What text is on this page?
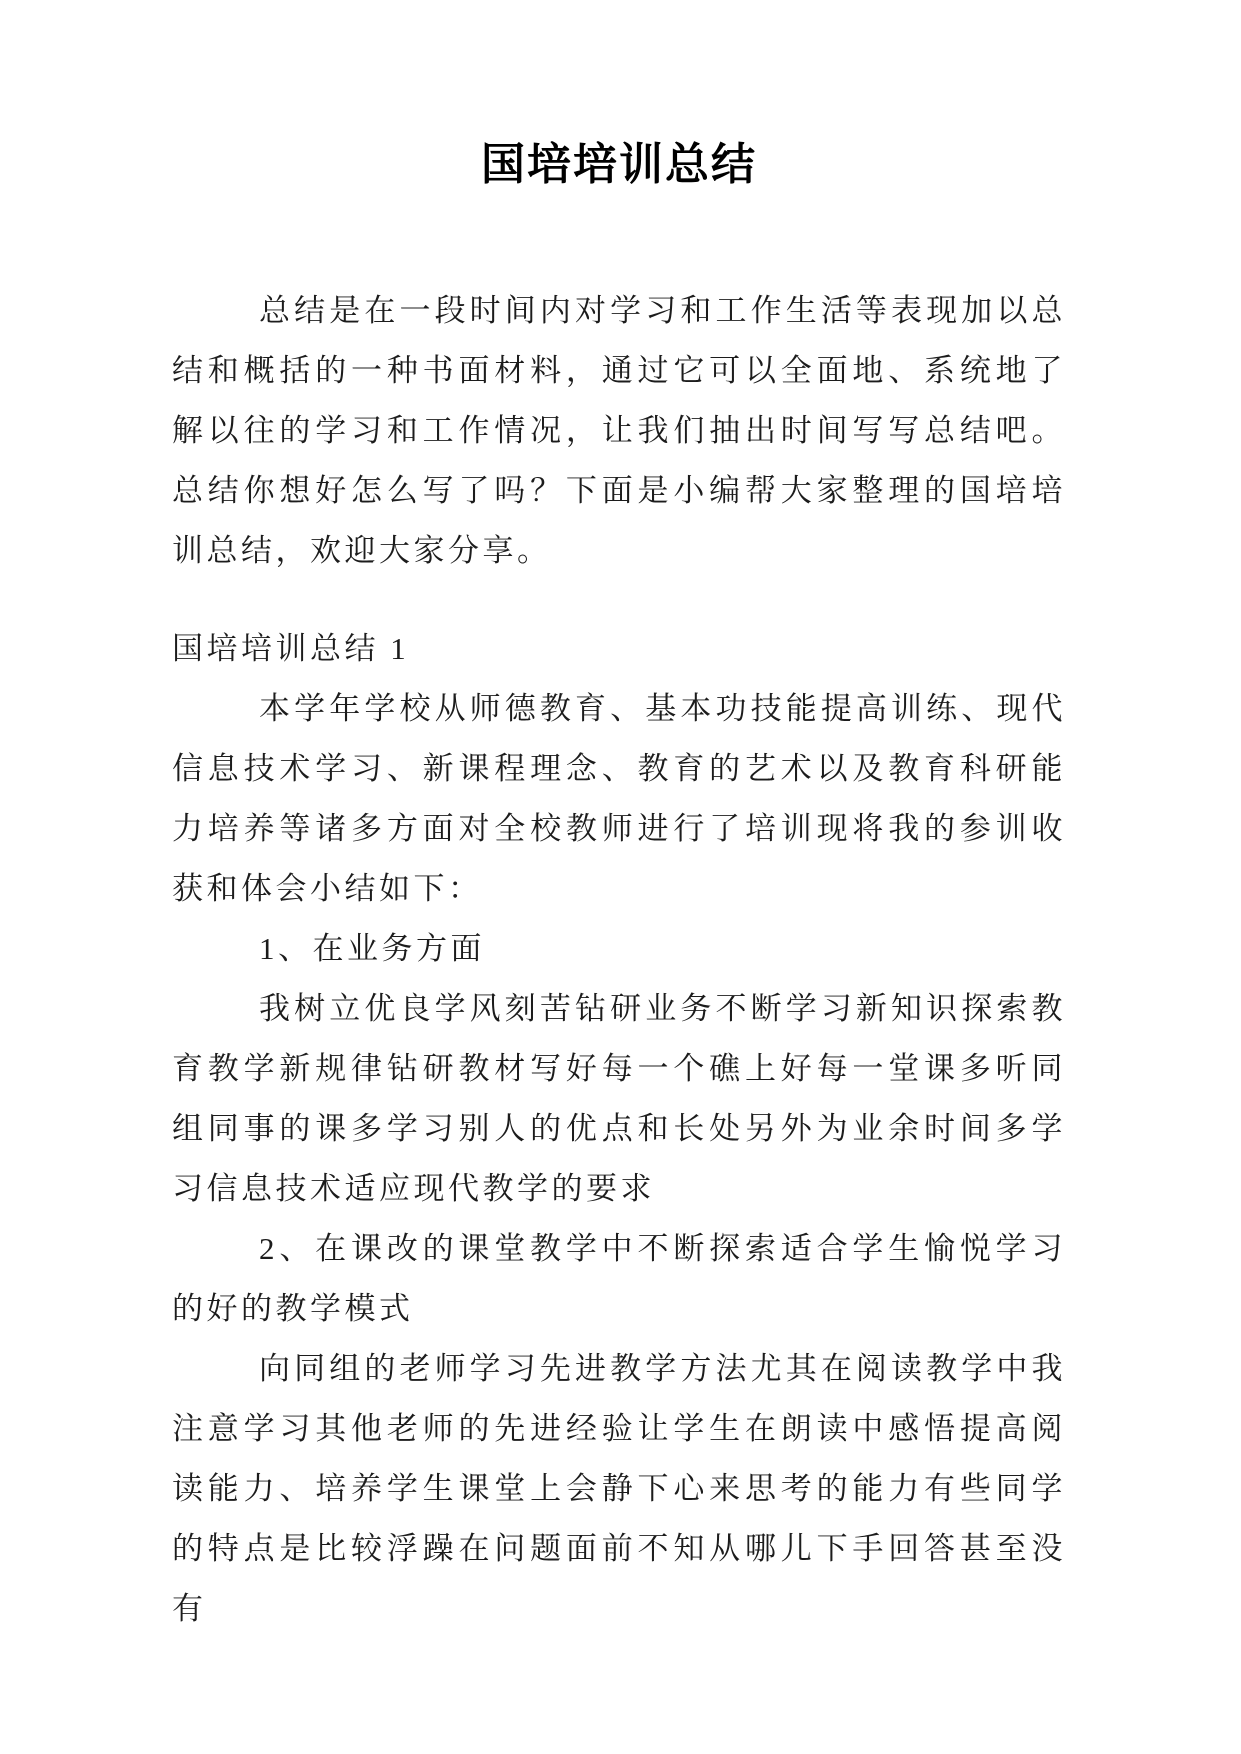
国培培训总结

总结是在一段时间内对学习和工作生活等表现加以总结和概括的一种书面材料，通过它可以全面地、系统地了解以往的学习和工作情况，让我们抽出时间写写总结吧。总结你想好怎么写了吗？下面是小编帮大家整理的国培培训总结，欢迎大家分享。

国培培训总结 1

本学年学校从师德教育、基本功技能提高训练、现代信息技术学习、新课程理念、教育的艺术以及教育科研能力培养等诸多方面对全校教师进行了培训现将我的参训收获和体会小结如下：

1、在业务方面

我树立优良学风刻苦钻研业务不断学习新知识探索教育教学新规律钻研教材写好每一个礁上好每一堂课多听同组同事的课多学习别人的优点和长处另外为业余时间多学习信息技术适应现代教学的要求

2、在课改的课堂教学中不断探索适合学生愉悦学习的好的教学模式

向同组的老师学习先进教学方法尤其在阅读教学中我注意学习其他老师的先进经验让学生在朗读中感悟提高阅读能力、培养学生课堂上会静下心来思考的能力有些同学的特点是比较浮躁在问题面前不知从哪儿下手回答甚至没有
